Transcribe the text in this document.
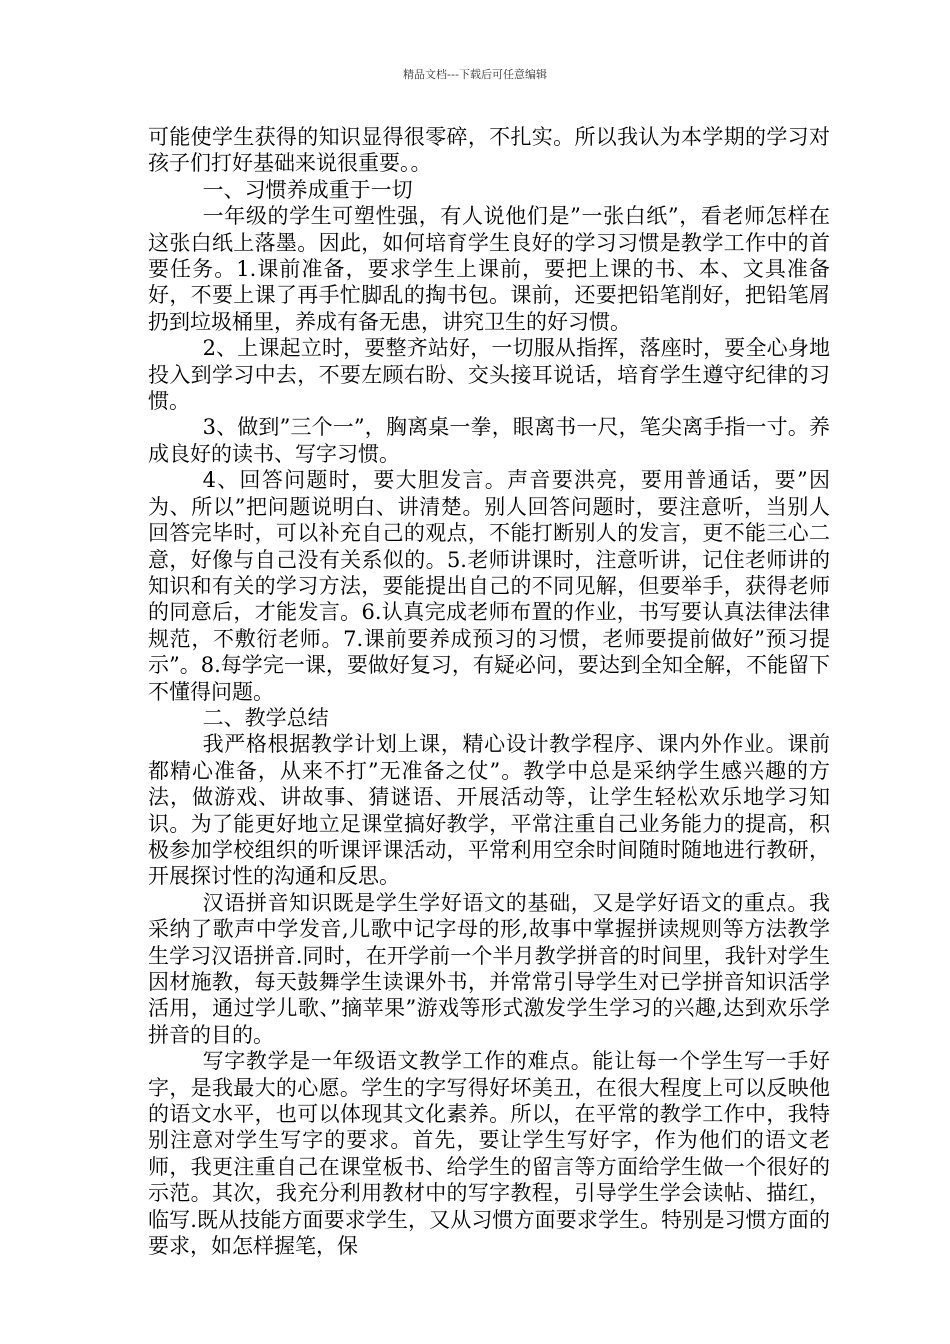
精品文档---下载后可任意编辑

可能使学生获得的知识显得很零碎，不扎实。所以我认为本学期的学习对孩子们打好基础来说很重要。。

一、习惯养成重于一切

一年级的学生可塑性强，有人说他们是”一张白纸”，看老师怎样在这张白纸上落墨。因此，如何培育学生良好的学习习惯是教学工作中的首要任务。1.课前准备，要求学生上课前，要把上课的书、本、文具准备好，不要上课了再手忙脚乱的掏书包。课前，还要把铅笔削好，把铅笔屑扔到垃圾桶里，养成有备无患，讲究卫生的好习惯。

2、上课起立时，要整齐站好，一切服从指挥，落座时，要全心身地投入到学习中去，不要左顾右盼、交头接耳说话，培育学生遵守纪律的习惯。

3、做到”三个一”，胸离桌一拳，眼离书一尺，笔尖离手指一寸。养成良好的读书、写字习惯。

4、回答问题时，要大胆发言。声音要洪亮，要用普通话，要”因为、所以”把问题说明白、讲清楚。别人回答问题时，要注意听，当别人回答完毕时，可以补充自己的观点，不能打断别人的发言，更不能三心二意，好像与自己没有关系似的。5.老师讲课时，注意听讲，记住老师讲的知识和有关的学习方法，要能提出自己的不同见解，但要举手，获得老师的同意后，才能发言。6.认真完成老师布置的作业，书写要认真法律法律规范，不敷衍老师。7.课前要养成预习的习惯，老师要提前做好”预习提示”。8.每学完一课，要做好复习，有疑必问，要达到全知全解，不能留下不懂得问题。

二、教学总结

我严格根据教学计划上课，精心设计教学程序、课内外作业。课前都精心准备，从来不打”无准备之仗”。教学中总是采纳学生感兴趣的方法，做游戏、讲故事、猜谜语、开展活动等，让学生轻松欢乐地学习知识。为了能更好地立足课堂搞好教学，平常注重自己业务能力的提高，积极参加学校组织的听课评课活动，平常利用空余时间随时随地进行教研，开展探讨性的沟通和反思。

汉语拼音知识既是学生学好语文的基础，又是学好语文的重点。我采纳了歌声中学发音,儿歌中记字母的形,故事中掌握拼读规则等方法教学生学习汉语拼音.同时，在开学前一个半月教学拼音的时间里，我针对学生因材施教，每天鼓舞学生读课外书，并常常引导学生对已学拼音知识活学活用，通过学儿歌、”摘苹果”游戏等形式激发学生学习的兴趣,达到欢乐学拼音的目的。

写字教学是一年级语文教学工作的难点。能让每一个学生写一手好字，是我最大的心愿。学生的字写得好坏美丑，在很大程度上可以反映他的语文水平，也可以体现其文化素养。所以，在平常的教学工作中，我特别注意对学生写字的要求。首先，要让学生写好字，作为他们的语文老师，我更注重自己在课堂板书、给学生的留言等方面给学生做一个很好的示范。其次，我充分利用教材中的写字教程，引导学生学会读帖、描红，临写.既从技能方面要求学生，又从习惯方面要求学生。特别是习惯方面的要求，如怎样握笔，保
